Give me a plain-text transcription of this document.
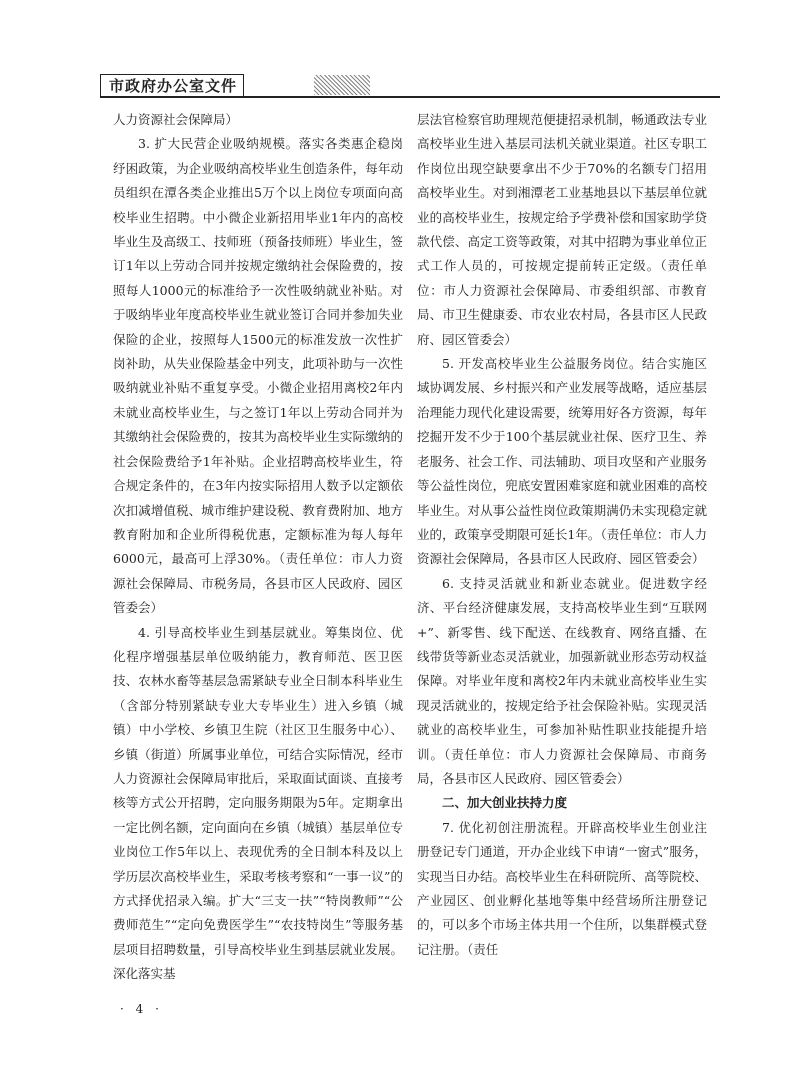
市政府办公室文件

人力资源社会保障局）

3. 扩大民营企业吸纳规模。落实各类惠企稳岗纾困政策，为企业吸纳高校毕业生创造条件，每年动员组织在潭各类企业推出5万个以上岗位专项面向高校毕业生招聘。中小微企业新招用毕业1年内的高校毕业生及高级工、技师班（预备技师班）毕业生，签订1年以上劳动合同并按规定缴纳社会保险费的，按照每人1000元的标准给予一次性吸纳就业补贴。对于吸纳毕业年度高校毕业生就业签订合同并参加失业保险的企业，按照每人1500元的标准发放一次性扩岗补助，从失业保险基金中列支，此项补助与一次性吸纳就业补贴不重复享受。小微企业招用离校2年内未就业高校毕业生，与之签订1年以上劳动合同并为其缴纳社会保险费的，按其为高校毕业生实际缴纳的社会保险费给予1年补贴。企业招聘高校毕业生，符合规定条件的，在3年内按实际招用人数予以定额依次扣减增值税、城市维护建设税、教育费附加、地方教育附加和企业所得税优惠，定额标准为每人每年6000元，最高可上浮30%。（责任单位：市人力资源社会保障局、市税务局，各县市区人民政府、园区管委会）

4. 引导高校毕业生到基层就业。筹集岗位、优化程序增强基层单位吸纳能力，教育师范、医卫医技、农林水畜等基层急需紧缺专业全日制本科毕业生（含部分特别紧缺专业大专毕业生）进入乡镇（城镇）中小学校、乡镇卫生院（社区卫生服务中心）、乡镇（街道）所属事业单位，可结合实际情况，经市人力资源社会保障局审批后，采取面试面谈、直接考核等方式公开招聘，定向服务期限为5年。定期拿出一定比例名额，定向面向在乡镇（城镇）基层单位专业岗位工作5年以上、表现优秀的全日制本科及以上学历层次高校毕业生，采取考核考察和“一事一议”的方式择优招录入编。扩大“三支一扶”“特岗教师”“公费师范生”“定向免费医学生”“农技特岗生”等服务基层项目招聘数量，引导高校毕业生到基层就业发展。深化落实基

层法官检察官助理规范便捷招录机制，畅通政法专业高校毕业生进入基层司法机关就业渠道。社区专职工作岗位出现空缺要拿出不少于70%的名额专门招用高校毕业生。对到湘潭老工业基地县以下基层单位就业的高校毕业生，按规定给予学费补偿和国家助学贷款代偿、高定工资等政策，对其中招聘为事业单位正式工作人员的，可按规定提前转正定级。（责任单位：市人力资源社会保障局、市委组织部、市教育局、市卫生健康委、市农业农村局，各县市区人民政府、园区管委会）

5. 开发高校毕业生公益服务岗位。结合实施区域协调发展、乡村振兴和产业发展等战略，适应基层治理能力现代化建设需要，统筹用好各方资源，每年挖掘开发不少于100个基层就业社保、医疗卫生、养老服务、社会工作、司法辅助、项目攻坚和产业服务等公益性岗位，兜底安置困难家庭和就业困难的高校毕业生。对从事公益性岗位政策期满仍未实现稳定就业的，政策享受期限可延长1年。（责任单位：市人力资源社会保障局，各县市区人民政府、园区管委会）

6. 支持灵活就业和新业态就业。促进数字经济、平台经济健康发展，支持高校毕业生到“互联网+”、新零售、线下配送、在线教育、网络直播、在线带货等新业态灵活就业，加强新就业形态劳动权益保障。对毕业年度和离校2年内未就业高校毕业生实现灵活就业的，按规定给予社会保险补贴。实现灵活就业的高校毕业生，可参加补贴性职业技能提升培训。（责任单位：市人力资源社会保障局、市商务局，各县市区人民政府、园区管委会）

二、加大创业扶持力度

7. 优化初创注册流程。开辟高校毕业生创业注册登记专门通道，开办企业线下申请“一窗式”服务，实现当日办结。高校毕业生在科研院所、高等院校、产业园区、创业孵化基地等集中经营场所注册登记的，可以多个市场主体共用一个住所，以集群模式登记注册。（责任

· 4 ·
